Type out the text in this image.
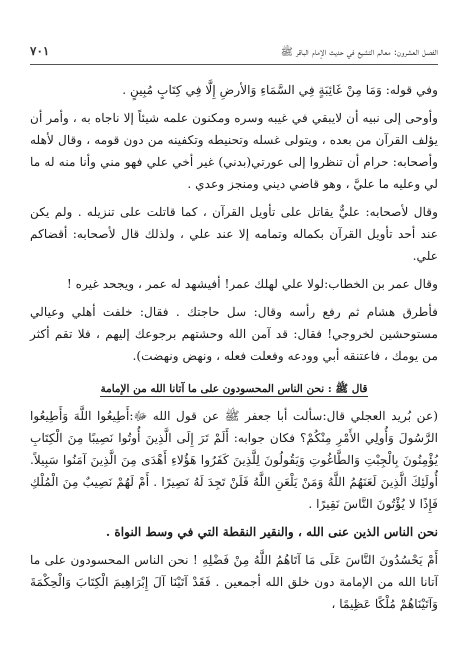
الفصل العشرون: معالم التشيع في حديث الإمام الباقر ‏ﷺ
٧٠١

وفي قوله: وَمَا مِنْ غَائِبَةٍ فِي السَّمَاءِ وَالأرضِ إِلَّا فِي كِتَابٍ مُبِينٍ .

وأوحى إلى نبيه أن لايبقي في غيبه وسره ومكنون علمه شيئاً إلا ناجاه به ، وأمر أن يؤلف القرآن من بعده ، ويتولى غسله وتحنيطه وتكفينه من دون قومه ، وقال لأهله وأصحابه: حرام أن تنظروا إلى عورتي(بدني) غير أخي علي فهو مني وأنا منه له ما لي وعليه ما عليَّ ، وهو قاضي ديني ومنجز وعدي .

وقال لأصحابه: عليٌّ يقاتل على تأويل القرآن ، كما قاتلت على تنزيله . ولم يكن عند أحد تأويل القرآن بكماله وتمامه إلا عند علي ، ولذلك قال لأصحابه: أقضاكم علي.

وقال عمر بن الخطاب:لولا علي لهلك عمر! أفيشهد له عمر ، ويجحد غيره !

فأطرق هشام ثم رفع رأسه وقال: سل حاجتك . فقال: خلفت أهلي وعيالي مستوحشين لخروجي! فقال: قد آمن الله وحشتهم برجوعك إليهم ، فلا تقم أكثر من يومك ، فاعتنقه أبي وودعه وفعلت فعله ، ونهض ونهضت).

قال ‏ﷺ : نحن الناس المحسودون على ما آتانا الله من الإمامة

(عن بُريد العجلي قال:سألت أبا جعفر ‏ﷺ عن قول الله ‏ﷻ:أَطِيعُوا اللَّهَ وَأَطِيعُوا الرَّسُولَ وَأُولِي الأَمْرِ مِنْكُمْ؟ فكان جوابه: أَلَمْ تَرَ إِلَى الَّذِينَ أُوتُوا نَصِيبًا مِنَ الْكِتَابِ يُؤْمِنُونَ بِالْجِبْتِ وَالطَّاغُوتِ وَيَقُولُونَ لِلَّذِينَ كَفَرُوا هَؤُلاءِ أَهْدَى مِنَ الَّذِينَ آمَنُوا سَبِيلاً. أُولَئِكَ الَّذِينَ لَعَنَهُمُ اللَّهُ وَمَنْ يَلْعَنِ اللَّهُ فَلَنْ تَجِدَ لَهُ نَصِيرًا . أَمْ لَهُمْ نَصِيبٌ مِنَ الْمُلْكِ فَإِذًا لا يُؤْتُونَ النَّاسَ نَقِيرًا .

نحن الناس الذين عنى الله ، والنقير النقطة التي في وسط النواة .

أَمْ يَحْسُدُونَ النَّاسَ عَلَى مَا آتَاهُمُ اللَّهُ مِنْ فَضْلِهِ ! نحن الناس المحسودون على ما آتانا الله من الإمامة دون خلق الله أجمعين . فَقَدْ آتَيْنَا آلَ إِبْرَاهِيمَ الْكِتَابَ وَالْحِكْمَةَ وَآتَيْنَاهُمْ مُلْكًا عَظِيمًا ،
